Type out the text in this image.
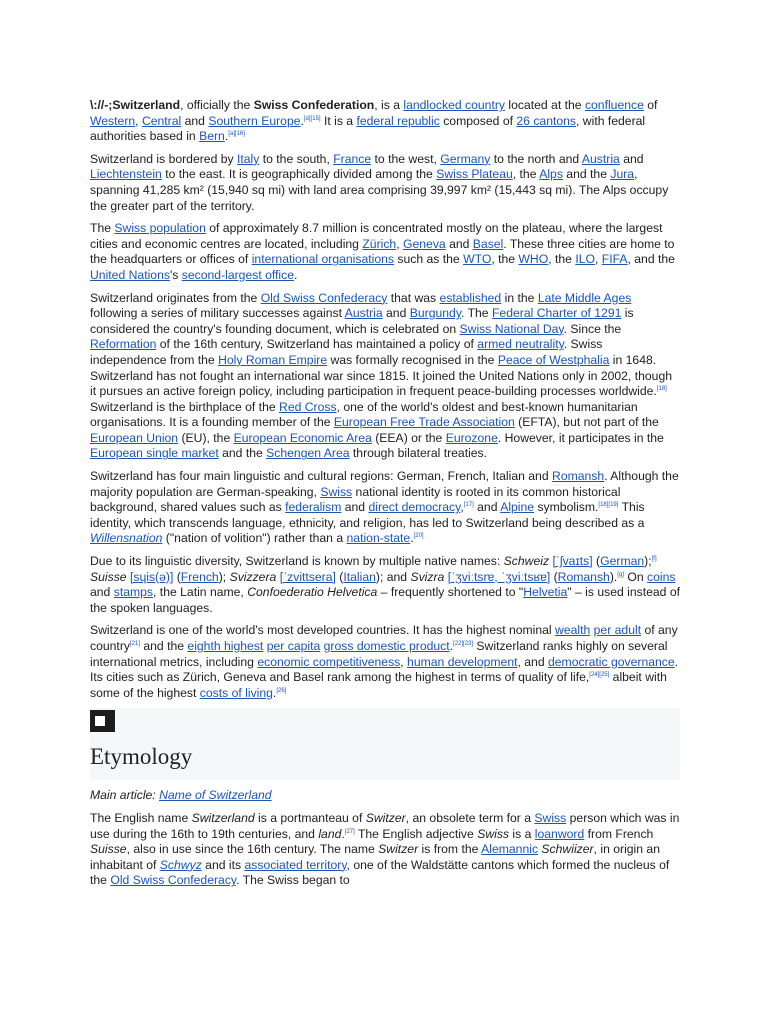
\://-;Switzerland, officially the Swiss Confederation, is a landlocked country located at the confluence of Western, Central and Southern Europe.[d][15] It is a federal republic composed of 26 cantons, with federal authorities based in Bern.[a][16]

Switzerland is bordered by Italy to the south, France to the west, Germany to the north and Austria and Liechtenstein to the east. It is geographically divided among the Swiss Plateau, the Alps and the Jura, spanning 41,285 km² (15,940 sq mi) with land area comprising 39,997 km² (15,443 sq mi). The Alps occupy the greater part of the territory.

The Swiss population of approximately 8.7 million is concentrated mostly on the plateau, where the largest cities and economic centres are located, including Zürich, Geneva and Basel. These three cities are home to the headquarters or offices of international organisations such as the WTO, the WHO, the ILO, FIFA, and the United Nations's second-largest office.

Switzerland originates from the Old Swiss Confederacy that was established in the Late Middle Ages following a series of military successes against Austria and Burgundy. The Federal Charter of 1291 is considered the country's founding document, which is celebrated on Swiss National Day. Since the Reformation of the 16th century, Switzerland has maintained a policy of armed neutrality. Swiss independence from the Holy Roman Empire was formally recognised in the Peace of Westphalia in 1648. Switzerland has not fought an international war since 1815. It joined the United Nations only in 2002, though it pursues an active foreign policy, including participation in frequent peace-building processes worldwide.[18] Switzerland is the birthplace of the Red Cross, one of the world's oldest and best-known humanitarian organisations. It is a founding member of the European Free Trade Association (EFTA), but not part of the European Union (EU), the European Economic Area (EEA) or the Eurozone. However, it participates in the European single market and the Schengen Area through bilateral treaties.

Switzerland has four main linguistic and cultural regions: German, French, Italian and Romansh. Although the majority population are German-speaking, Swiss national identity is rooted in its common historical background, shared values such as federalism and direct democracy,[17] and Alpine symbolism.[18][19] This identity, which transcends language, ethnicity, and religion, has led to Switzerland being described as a Willensnation ("nation of volition") rather than a nation-state.[20]

Due to its linguistic diversity, Switzerland is known by multiple native names: Schweiz [ˈʃvaɪts] (German);[f] Suisse [sɥis(ə)] (French); Svizzera [ˈzvittsera] (Italian); and Svizra [ˈʒviːtsrɐ, ˈʒviːtsʁɐ] (Romansh).[g] On coins and stamps, the Latin name, Confoederatio Helvetica – frequently shortened to "Helvetia" – is used instead of the spoken languages.

Switzerland is one of the world's most developed countries. It has the highest nominal wealth per adult of any country[21] and the eighth highest per capita gross domestic product.[22][23] Switzerland ranks highly on several international metrics, including economic competitiveness, human development, and democratic governance. Its cities such as Zürich, Geneva and Basel rank among the highest in terms of quality of life,[24][25] albeit with some of the highest costs of living.[26]

Etymology
Main article: Name of Switzerland

The English name Switzerland is a portmanteau of Switzer, an obsolete term for a Swiss person which was in use during the 16th to 19th centuries, and land.[27] The English adjective Swiss is a loanword from French Suisse, also in use since the 16th century. The name Switzer is from the Alemannic Schwiizer, in origin an inhabitant of Schwyz and its associated territory, one of the Waldstätte cantons which formed the nucleus of the Old Swiss Confederacy. The Swiss began to
